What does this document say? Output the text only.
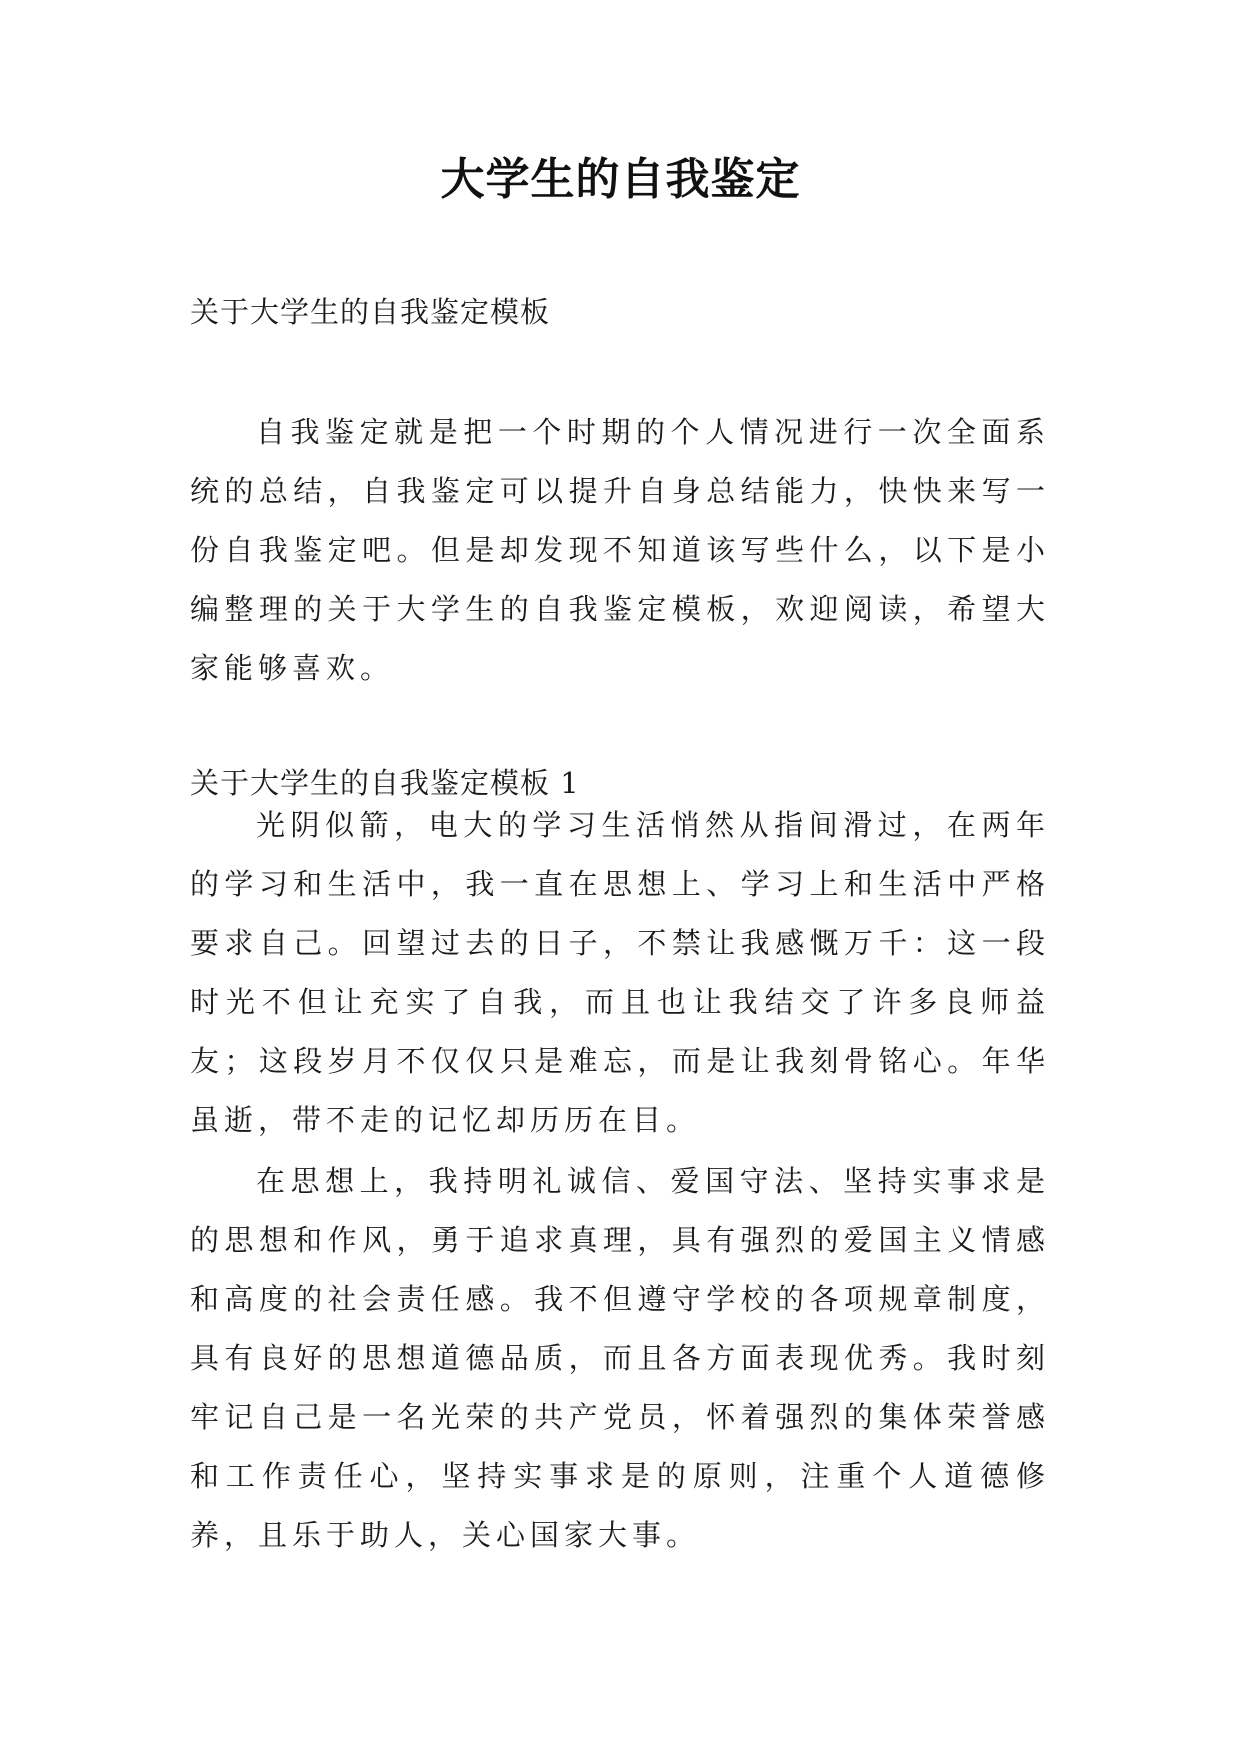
大学生的自我鉴定

关于大学生的自我鉴定模板

自我鉴定就是把一个时期的个人情况进行一次全面系统的总结，自我鉴定可以提升自身总结能力，快快来写一份自我鉴定吧。但是却发现不知道该写些什么，以下是小编整理的关于大学生的自我鉴定模板，欢迎阅读，希望大家能够喜欢。

关于大学生的自我鉴定模板 1

光阴似箭，电大的学习生活悄然从指间滑过，在两年的学习和生活中，我一直在思想上、学习上和生活中严格要求自己。回望过去的日子，不禁让我感慨万千：这一段时光不但让充实了自我，而且也让我结交了许多良师益友；这段岁月不仅仅只是难忘，而是让我刻骨铭心。年华虽逝，带不走的记忆却历历在目。

在思想上，我持明礼诚信、爱国守法、坚持实事求是的思想和作风，勇于追求真理，具有强烈的爱国主义情感和高度的社会责任感。我不但遵守学校的各项规章制度，具有良好的思想道德品质，而且各方面表现优秀。我时刻牢记自己是一名光荣的共产党员，怀着强烈的集体荣誉感和工作责任心，坚持实事求是的原则，注重个人道德修养，且乐于助人，关心国家大事。
